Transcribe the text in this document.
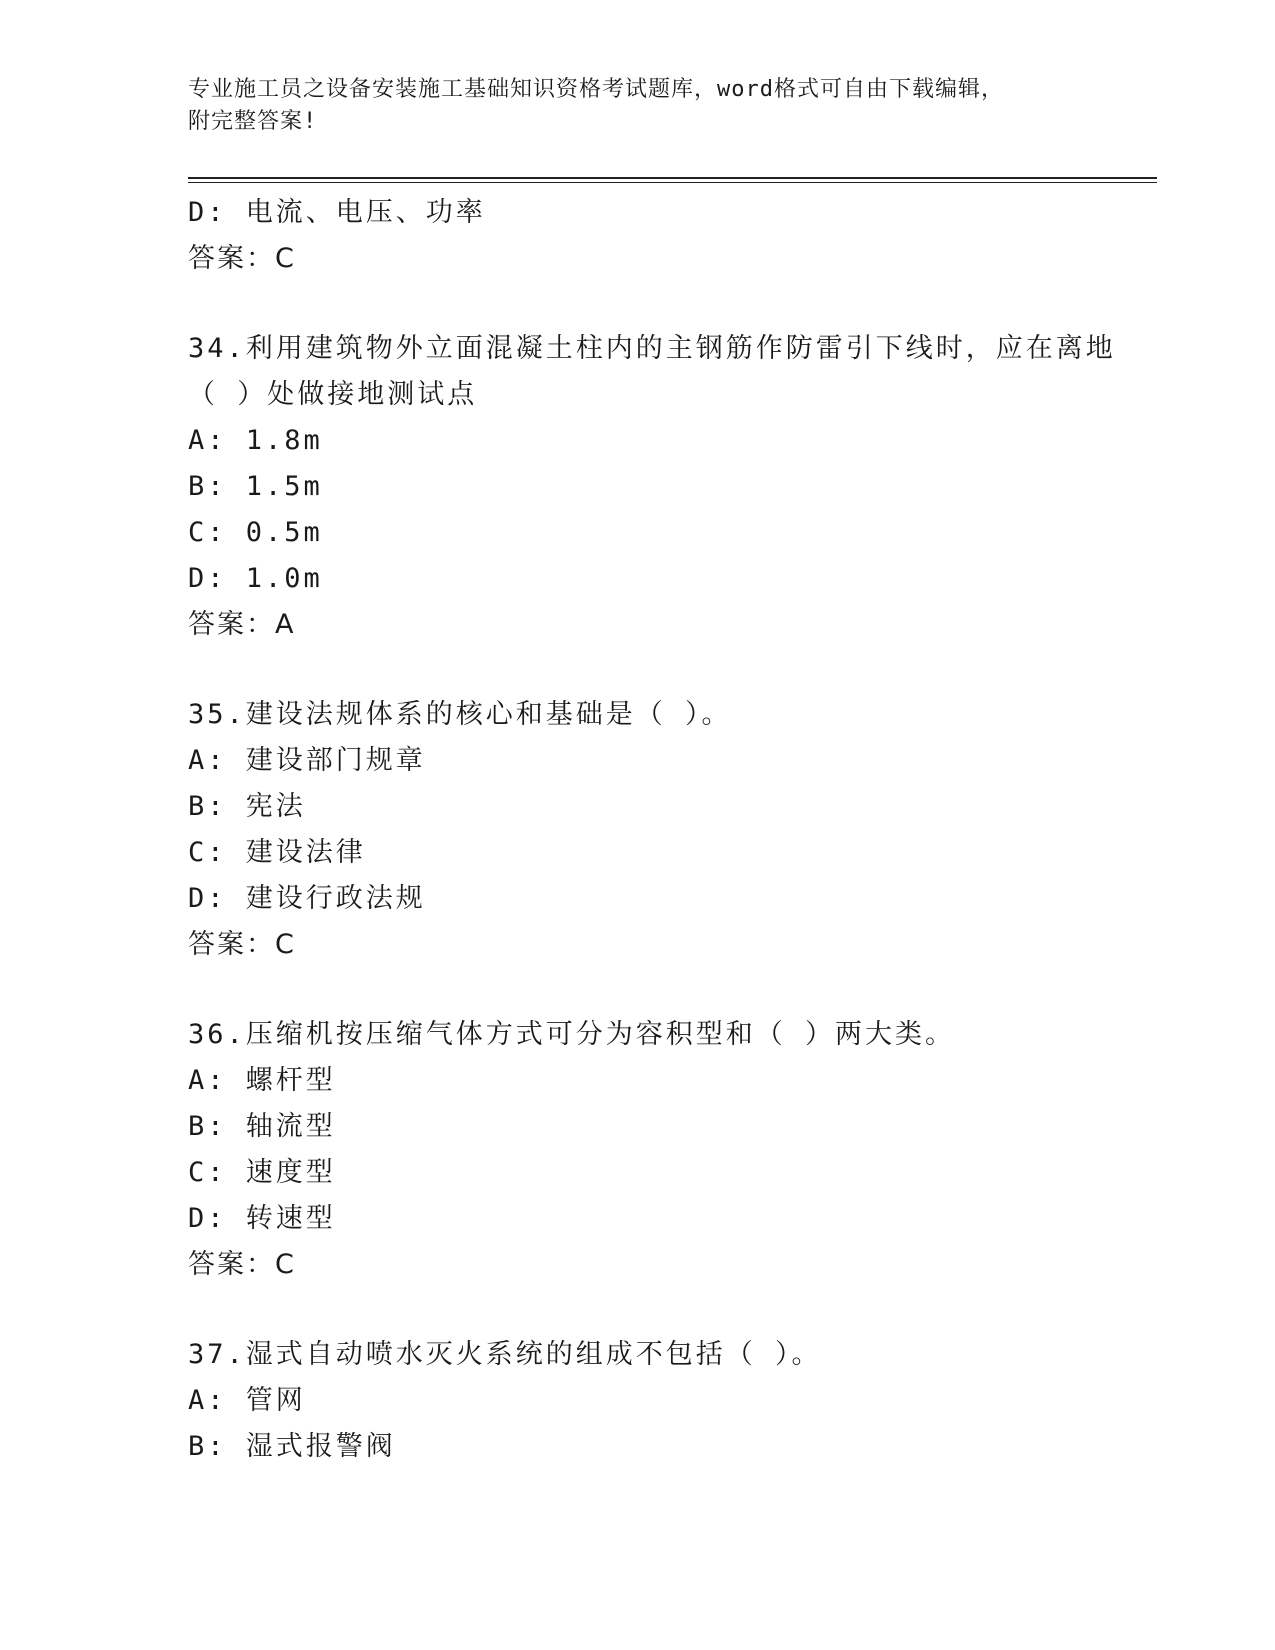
专业施工员之设备安装施工基础知识资格考试题库，word格式可自由下载编辑，
附完整答案!
D: 电流、电压、功率
答案：C
34.利用建筑物外立面混凝土柱内的主钢筋作防雷引下线时，应在离地
（ ）处做接地测试点
A: 1.8m
B: 1.5m
C: 0.5m
D: 1.0m
答案：A
35.建设法规体系的核心和基础是（ ）。
A: 建设部门规章
B: 宪法
C: 建设法律
D: 建设行政法规
答案：C
36.压缩机按压缩气体方式可分为容积型和（ ）两大类。
A: 螺杆型
B: 轴流型
C: 速度型
D: 转速型
答案：C
37.湿式自动喷水灭火系统的组成不包括（ ）。
A: 管网
B: 湿式报警阀
